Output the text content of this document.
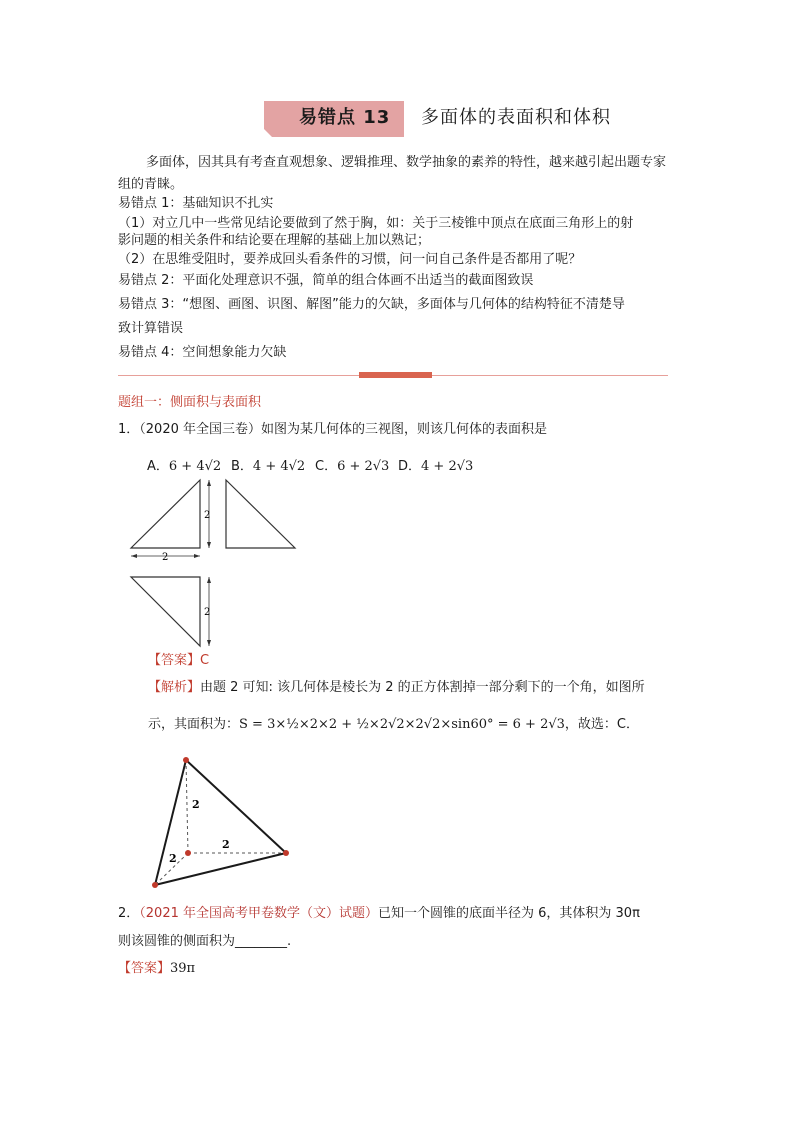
易错点 13 多面体的表面积和体积
多面体，因其具有考查直观想象、逻辑推理、数学抽象的素养的特性，越来越引起出题专家组的青睐。
易错点 1：基础知识不扎实
（1）对立几中一些常见结论要做到了然于胸，如：关于三棱锥中顶点在底面三角形上的射
影问题的相关条件和结论要在理解的基础上加以熟记；
（2）在思维受阻时，要养成回头看条件的习惯，问一问自己条件是否都用了呢？
易错点 2：平面化处理意识不强，简单的组合体画不出适当的截面图致误
易错点 3：“想图、画图、识图、解图”能力的欠缺，多面体与几何体的结构特征不清楚导
致计算错误
易错点 4：空间想象能力欠缺
题组一：侧面积与表面积
1．（2020 年全国三卷）如图为某几何体的三视图，则该几何体的表面积是
A．6 + 4√2 B．4 + 4√2 C．6 + 2√3 D．4 + 2√3
2
2
2
【答案】C
【解析】由题 2 可知: 该几何体是棱长为 2 的正方体割掉一部分剩下的一个角，如图所
示，其面积为：S = 3×½×2×2 + ½×2√2×2√2×sin60° = 6 + 2√3，故选：C．
2
2
2
2．（2021 年全国高考甲卷数学（文）试题）已知一个圆锥的底面半径为 6，其体积为 30π
则该圆锥的侧面积为________.
【答案】39π
